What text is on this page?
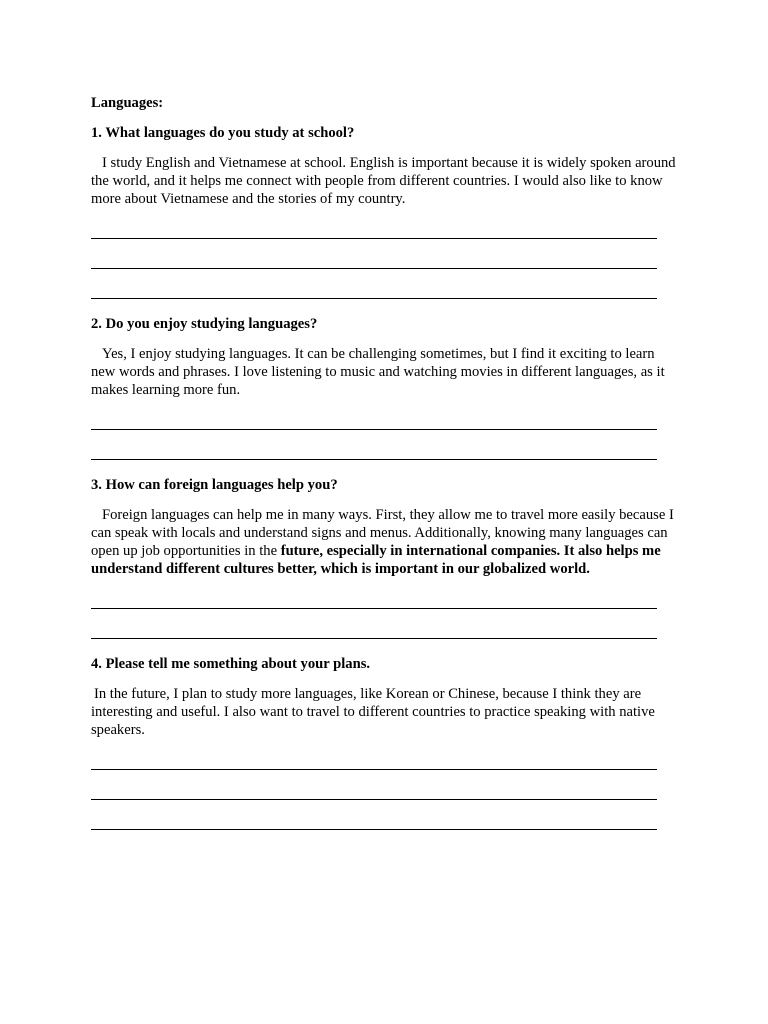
Languages:

1. What languages do you study at school?

I study English and Vietnamese at school. English is important because it is widely spoken around the world, and it helps me connect with people from different countries. I would also like to know more about Vietnamese and the stories of my country.

2. Do you enjoy studying languages?

Yes, I enjoy studying languages. It can be challenging sometimes, but I find it exciting to learn new words and phrases. I love listening to music and watching movies in different languages, as it makes learning more fun.

3. How can foreign languages help you?

Foreign languages can help me in many ways. First, they allow me to travel more easily because I can speak with locals and understand signs and menus. Additionally, knowing many languages can open up job opportunities in the future, especially in international companies. It also helps me understand different cultures better, which is important in our globalized world.

4. Please tell me something about your plans.

In the future, I plan to study more languages, like Korean or Chinese, because I think they are interesting and useful. I also want to travel to different countries to practice speaking with native speakers.
